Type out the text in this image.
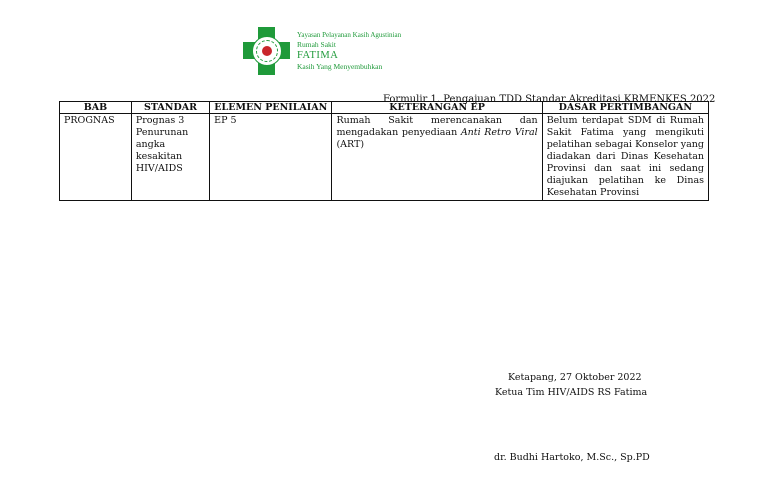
Yayasan Pelayanan Kasih Agustinian
Rumah Sakit
FATIMA
Kasih Yang Menyembuhkan
Formulir 1. Pengajuan TDD Standar Akreditasi KRMENKES 2022
BAB	STANDAR	ELEMEN PENILAIAN	KETERANGAN EP	DASAR PERTIMBANGAN
PROGNAS	Prognas 3 Penurunan angka kesakitan HIV/AIDS	EP 5	Rumah Sakit merencanakan dan mengadakan penyediaan Anti Retro Viral (ART)	Belum terdapat SDM di Rumah Sakit Fatima yang mengikuti pelatihan sebagai Konselor yang diadakan dari Dinas Kesehatan Provinsi dan saat ini sedang diajukan pelatihan ke Dinas Kesehatan Provinsi
Ketapang, 27 Oktober 2022
Ketua Tim HIV/AIDS RS Fatima
dr. Budhi Hartoko, M.Sc., Sp.PD
